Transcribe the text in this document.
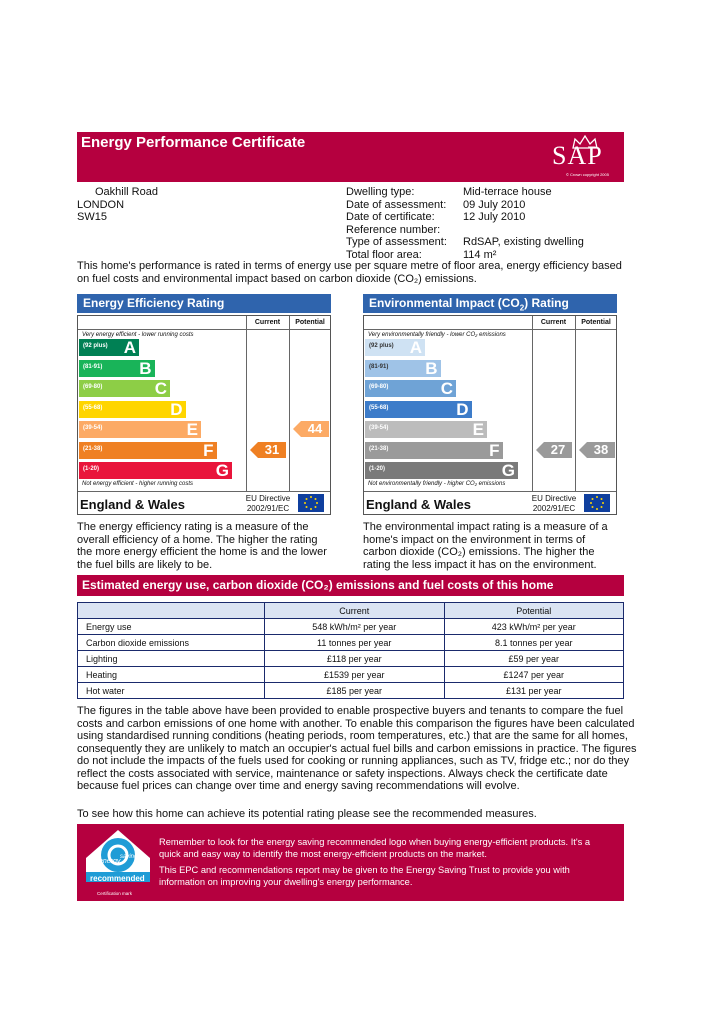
Energy Performance Certificate	SAP
© Crown copyright 2005
Oakhill Road
LONDON
SW15
Dwelling type:	Mid-terrace house
Date of assessment: 09 July 2010
Date of certificate:	12 July 2010
Reference number:
Type of assessment: RdSAP, existing dwelling
Total floor area:	114 m²
This home's performance is rated in terms of energy use per square metre of floor area, energy efficiency based on fuel costs and environmental impact based on carbon dioxide (CO₂) emissions.
Energy Efficiency Rating
Current	Potential
Very energy efficient - lower running costs
(92 plus) A
(81-91) B
(69-80)	C
(55-68)	D
(39-54)	E
(21-38)	F
(1-20)	G
Not energy efficient - higher running costs
England & Wales	EU Directive 2002/91/EC
31
44
The energy efficiency rating is a measure of the overall efficiency of a home. The higher the rating the more energy efficient the home is and the lower the fuel bills are likely to be.
Environmental Impact $(CO_2)$ Rating
Current	Potential
Very environmentally friendly - lower CO₂ emissions
(92 plus) A
(81-91) B
(69-80)	C
(55-68)	D
(39-54)	E
(21-38)	F
(1-20)	G
Not environmentally friendly - higher CO₂ emissions
England & Wales	EU Directive 2002/91/EC
27	38
The environmental impact rating is a measure of a home's impact on the environment in terms of carbon dioxide (CO₂) emissions. The higher the rating the less impact it has on the environment.
Estimated energy use, carbon dioxide (CO₂) emissions and fuel costs of this home
	Current	Potential
Energy use	548 kWh/m² per year	423 kWh/m² per year
Carbon dioxide emissions	11 tonnes per year	8.1 tonnes per year
Lighting	£118 per year	£59 per year
Heating	£1539 per year	£1247 per year
Hot water	£185 per year	£131 per year
The figures in the table above have been provided to enable prospective buyers and tenants to compare the fuel costs and carbon emissions of one home with another. To enable this comparison the figures have been calculated using standardised running conditions (heating periods, room temperatures, etc.) that are the same for all homes, consequently they are unlikely to match an occupier's actual fuel bills and carbon emissions in practice. The figures do not include the impacts of the fuels used for cooking or running appliances, such as TV, fridge etc.; nor do they reflect the costs associated with service, maintenance or safety inspections. Always check the certificate date because fuel prices can change over time and energy saving recommendations will evolve.
To see how this home can achieve its potential rating please see the recommended measures.
energy
saving
recommended
Certification mark
Remember to look for the energy saving recommended logo when buying energy-efficient products. It's a quick and easy way to identify the most energy-efficient products on the market.
This EPC and recommendations report may be given to the Energy Saving Trust to provide you with information on improving your dwelling's energy performance.
